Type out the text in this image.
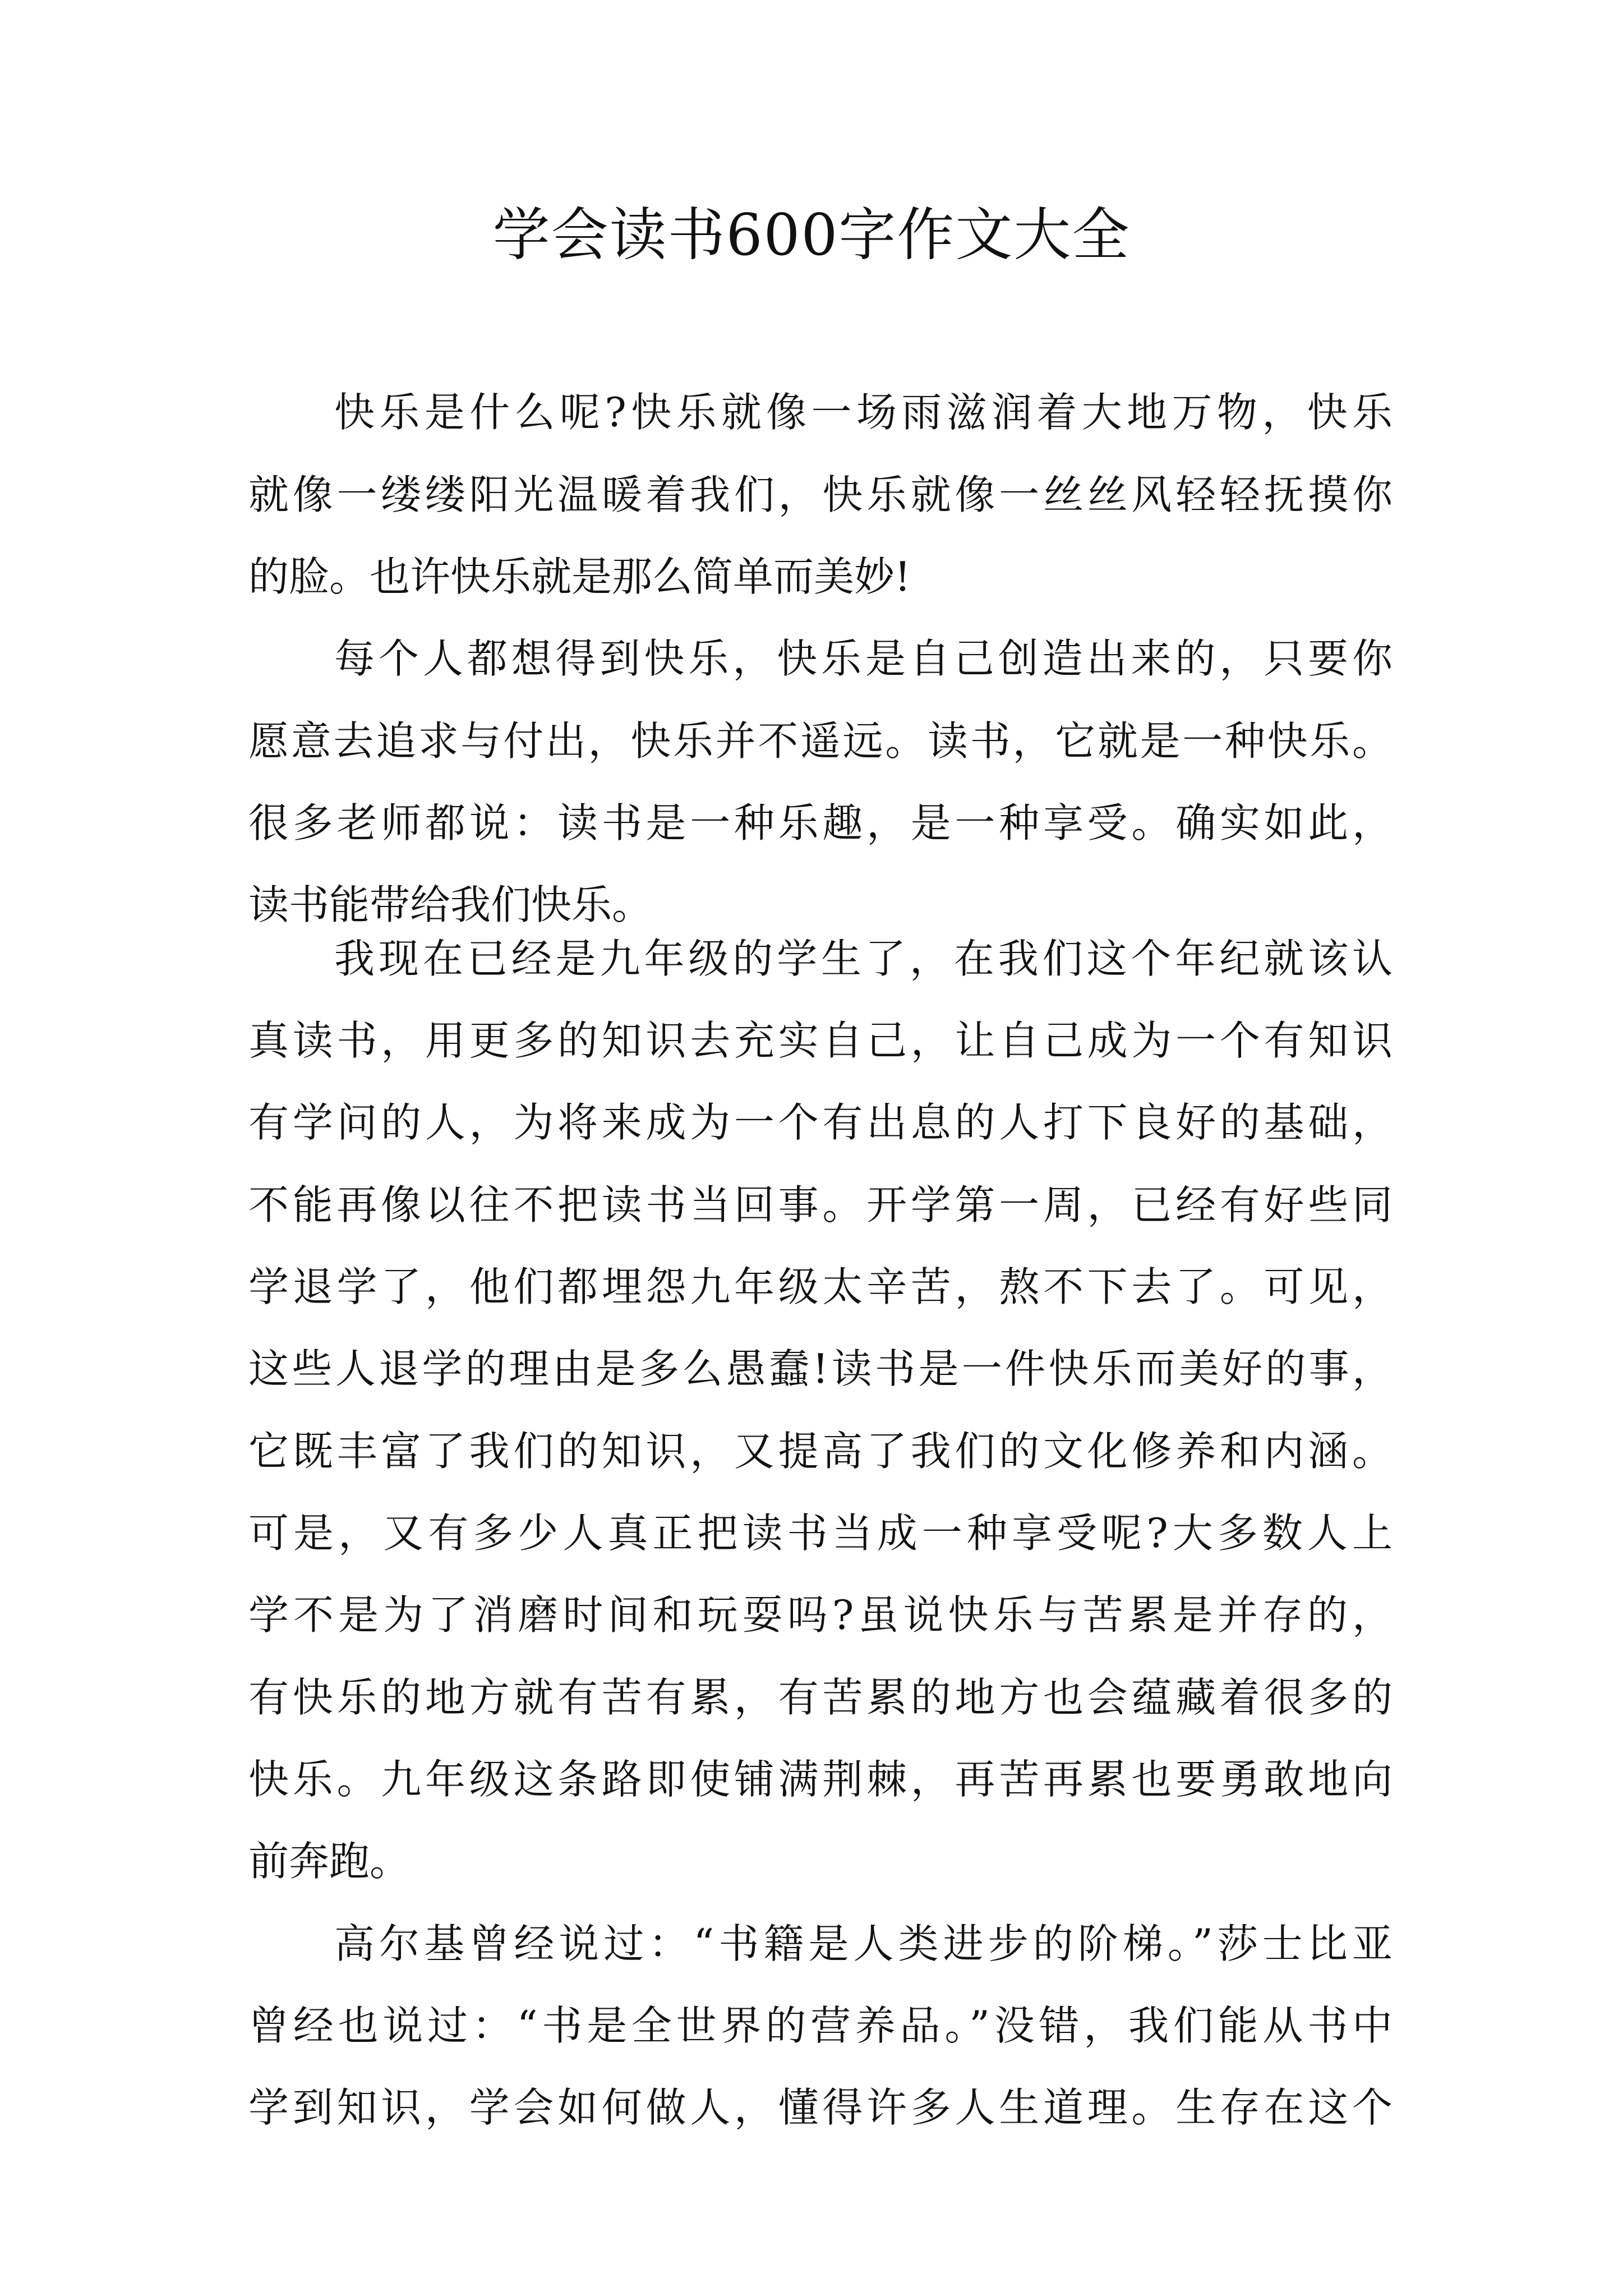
学会读书600字作文大全
快乐是什么呢?快乐就像一场雨滋润着大地万物，快乐
就像一缕缕阳光温暖着我们，快乐就像一丝丝风轻轻抚摸你
的脸。也许快乐就是那么简单而美妙!
每个人都想得到快乐，快乐是自己创造出来的，只要你
愿意去追求与付出，快乐并不遥远。读书，它就是一种快乐。
很多老师都说：读书是一种乐趣，是一种享受。确实如此，
读书能带给我们快乐。
我现在已经是九年级的学生了，在我们这个年纪就该认
真读书，用更多的知识去充实自己，让自己成为一个有知识
有学问的人，为将来成为一个有出息的人打下良好的基础，
不能再像以往不把读书当回事。开学第一周，已经有好些同
学退学了，他们都埋怨九年级太辛苦，熬不下去了。可见，
这些人退学的理由是多么愚蠢!读书是一件快乐而美好的事，
它既丰富了我们的知识，又提高了我们的文化修养和内涵。
可是，又有多少人真正把读书当成一种享受呢?大多数人上
学不是为了消磨时间和玩耍吗?虽说快乐与苦累是并存的，
有快乐的地方就有苦有累，有苦累的地方也会蕴藏着很多的
快乐。九年级这条路即使铺满荆棘，再苦再累也要勇敢地向
前奔跑。
高尔基曾经说过：“书籍是人类进步的阶梯。”莎士比亚
曾经也说过：“书是全世界的营养品。”没错，我们能从书中
学到知识，学会如何做人，懂得许多人生道理。生存在这个
